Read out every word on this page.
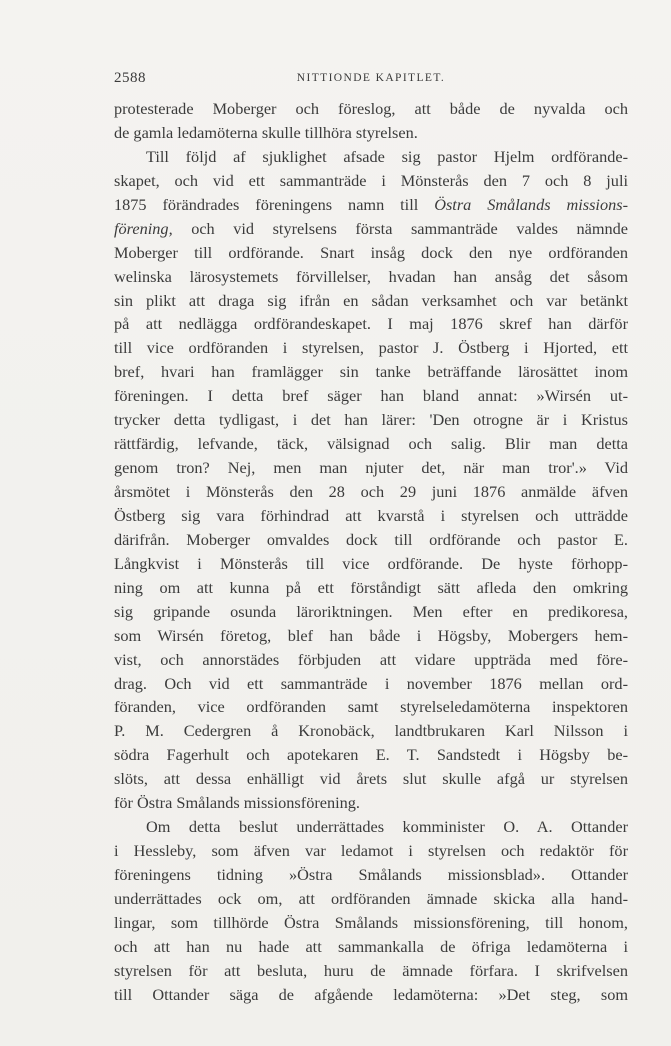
2588	NITTIONDE KAPITLET.
protesterade Moberger och föreslog, att både de nyvalda och
de gamla ledamöterna skulle tillhöra styrelsen.
Till följd af sjuklighet afsade sig pastor Hjelm ordförande-
skapet, och vid ett sammanträde i Mönsterås den 7 och 8 juli
1875 förändrades föreningens namn till Östra Smålands missions-
förening, och vid styrelsens första sammanträde valdes nämnde
Moberger till ordförande. Snart insåg dock den nye ordföranden
welinska lärosystemets förvillelser, hvadan han ansåg det såsom
sin plikt att draga sig ifrån en sådan verksamhet och var betänkt
på att nedlägga ordförandeskapet. I maj 1876 skref han därför
till vice ordföranden i styrelsen, pastor J. Östberg i Hjorted, ett
bref, hvari han framlägger sin tanke beträffande lärosättet inom
föreningen. I detta bref säger han bland annat: »Wirsén ut-
trycker detta tydligast, i det han lärer: 'Den otrogne är i Kristus
rättfärdig, lefvande, täck, välsignad och salig. Blir man detta
genom tron? Nej, men man njuter det, när man tror'.» Vid
årsmötet i Mönsterås den 28 och 29 juni 1876 anmälde äfven
Östberg sig vara förhindrad att kvarstå i styrelsen och utträdde
därifrån. Moberger omvaldes dock till ordförande och pastor E.
Långkvist i Mönsterås till vice ordförande. De hyste förhopp-
ning om att kunna på ett förståndigt sätt afleda den omkring
sig gripande osunda läroriktningen. Men efter en predikoresa,
som Wirsén företog, blef han både i Högsby, Mobergers hem-
vist, och annorstädes förbjuden att vidare uppträda med före-
drag. Och vid ett sammanträde i november 1876 mellan ord-
föranden, vice ordföranden samt styrelseledamöterna inspektoren
P. M. Cedergren å Kronobäck, landtbrukaren Karl Nilsson i
södra Fagerhult och apotekaren E. T. Sandstedt i Högsby be-
slöts, att dessa enhälligt vid årets slut skulle afgå ur styrelsen
för Östra Smålands missionsförening.
Om detta beslut underrättades komminister O. A. Ottander
i Hessleby, som äfven var ledamot i styrelsen och redaktör för
föreningens tidning »Östra Smålands missionsblad». Ottander
underrättades ock om, att ordföranden ämnade skicka alla hand-
lingar, som tillhörde Östra Smålands missionsförening, till honom,
och att han nu hade att sammankalla de öfriga ledamöterna i
styrelsen för att besluta, huru de ämnade förfara. I skrifvelsen
till Ottander säga de afgående ledamöterna: »Det steg, som
